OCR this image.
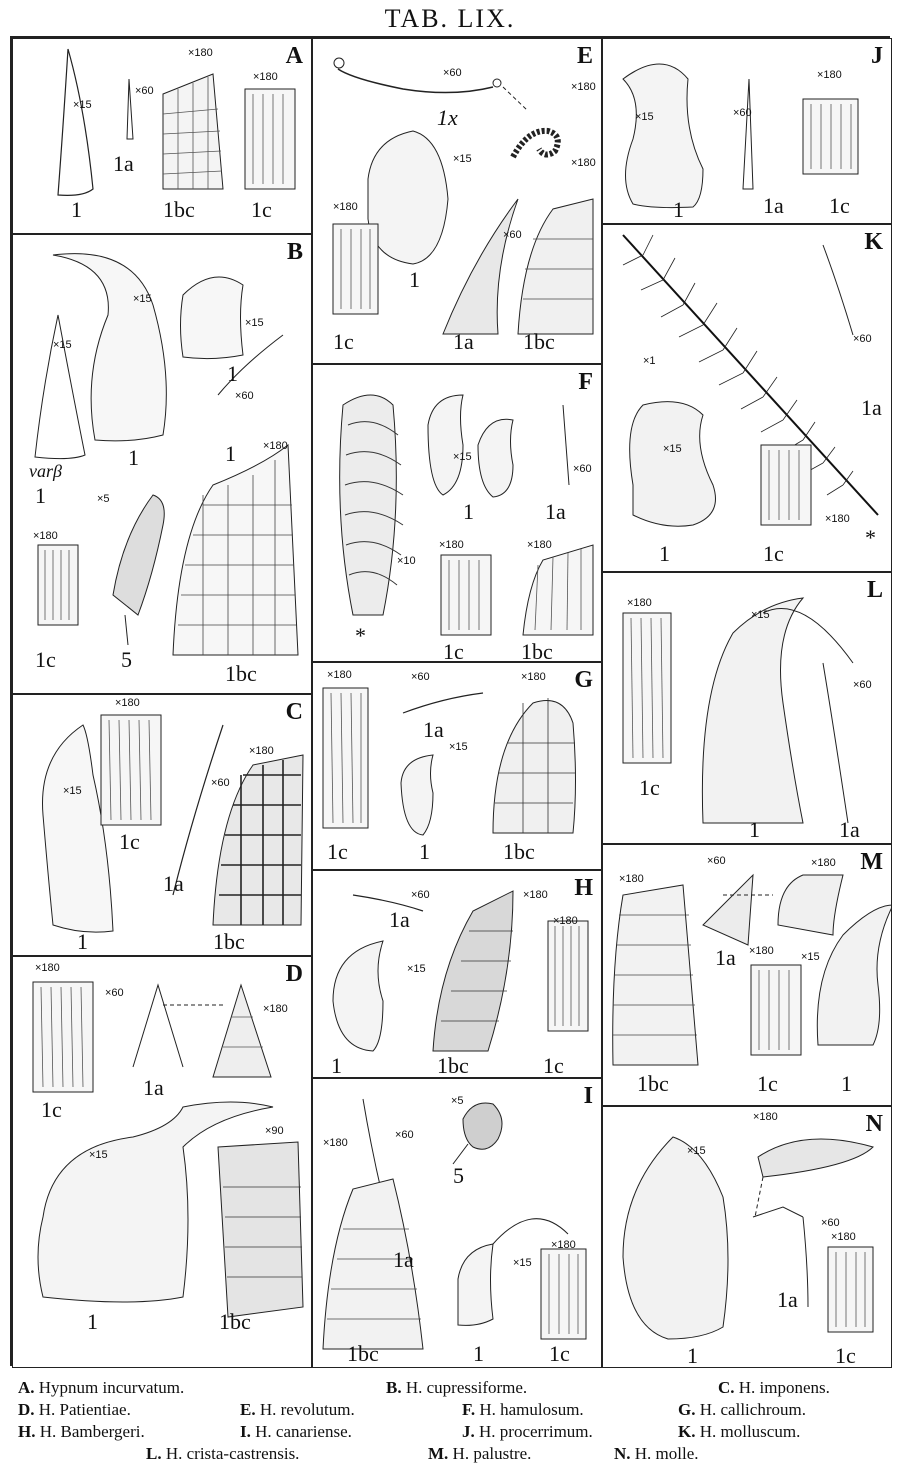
TAB. LIX.
A
×15
×60
×180
×180
1
1a
1bc	1c
B
×15
×15
×15
×60
×5
×180
×180
1
1
1
varβ
1
5
1c
1bc
C
×15
×180
×60
×180
1
1c
1a
1bc
D
×180
×60
×180
×15
×90
1c
1a
1	1bc
E
×60
×180
×15
×180
×60
×180
1x
1
1c	1a 1bc
F
×15
×60
×10
×180	×180
1	1a
*
1c	1bc
G
1a
×180	×60	×180
×15
1c	1	1bc
H
1a
×60	×180
×180
×15
1	1bc	1c
I
×5
×180
×60
×15
×180
1a
5
1bc	1	1c
J
×15	×60
×180
1	1a 1c
K
1a
×60
×1
×15
×180
1	1c
*
L
×180
×15
×60
1c
1	1a
M
×180
×60	×180
×180 ×15
1a
1bc	1c	1
N
1a
×180
×15
×60
×180
1	1c
A. Hypnum incurvatum.	B. H. cupressiforme.	C. H. imponens.
D. H. Patientiae.	E. H. revolutum.	F. H. hamulosum.	G. H. callichroum.
H. H. Bambergeri.	I. H. canariense.	J. H. procerrimum.	K. H. molluscum.
L. H. crista-castrensis.	M. H. palustre.	N. H. molle.
